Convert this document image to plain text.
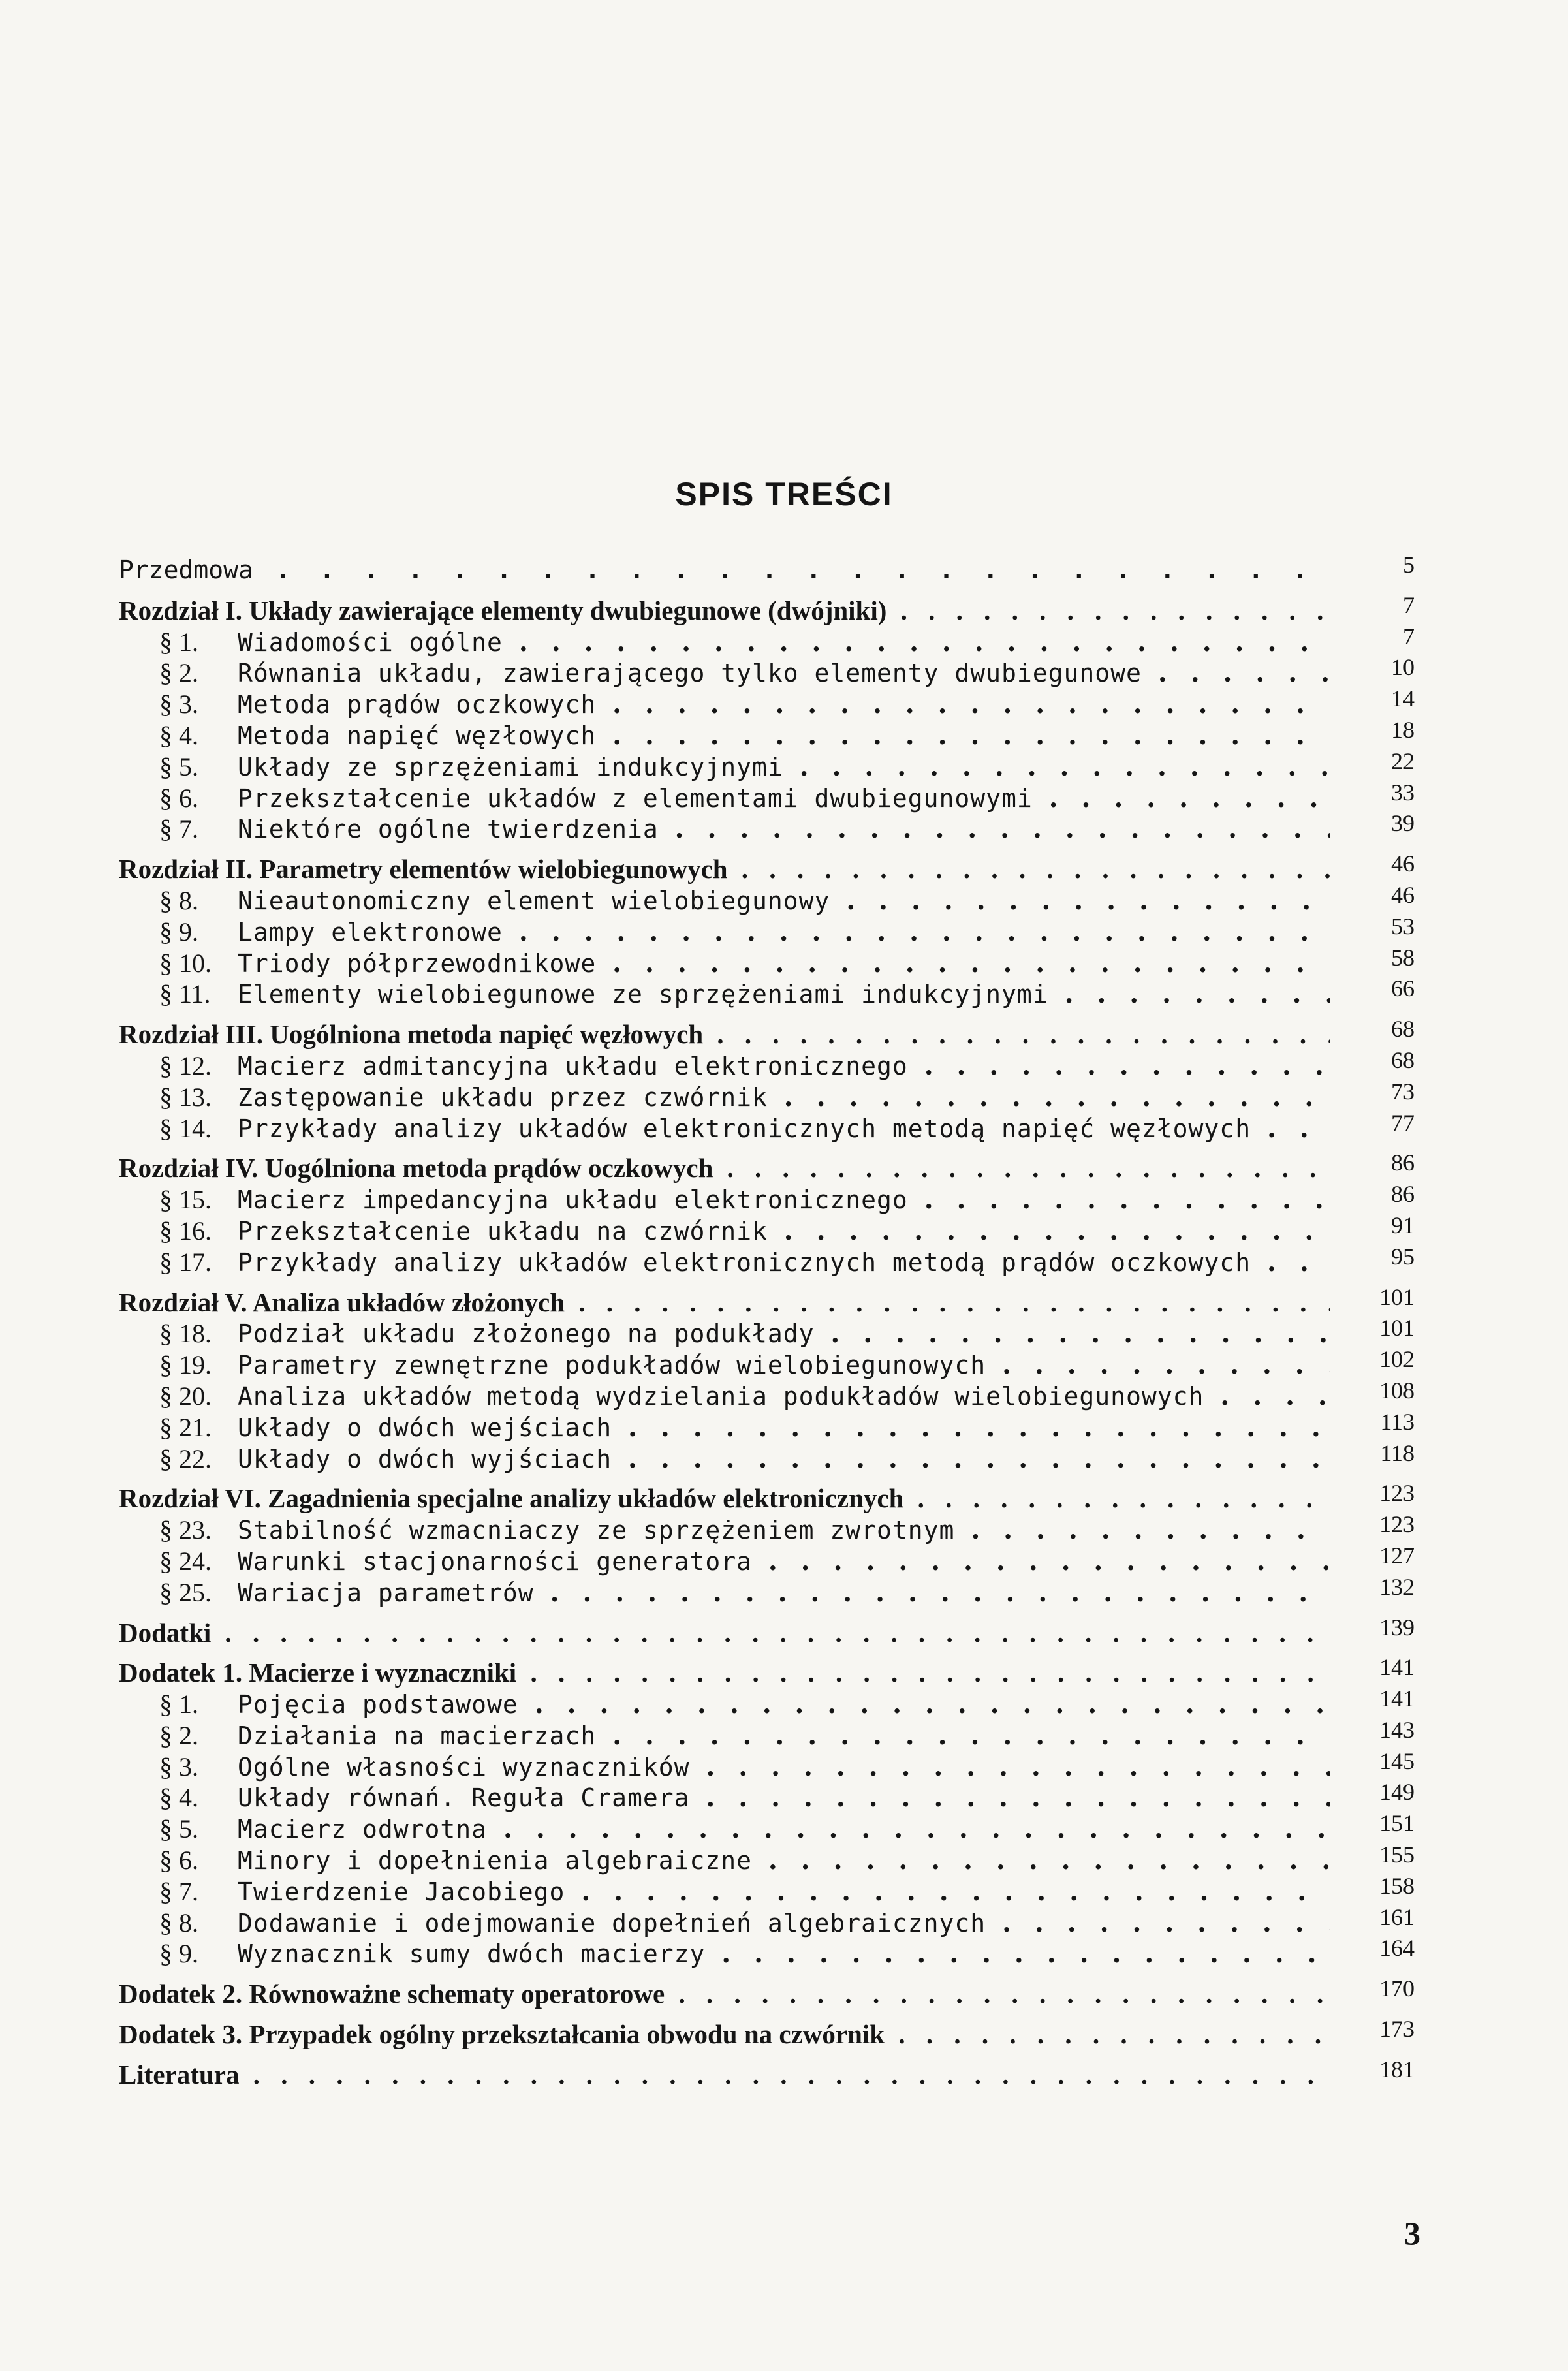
SPIS TREŚCI
Przedmowa . . .	5
Rozdział I. Układy zawierające elementy dwubiegunowe (dwójniki) . . .	7
§ 1. Wiadomości ogólne . . .	7
§ 2. Równania układu, zawierającego tylko elementy dwubiegunowe . . .	10
§ 3. Metoda prądów oczkowych . . .	14
§ 4. Metoda napięć węzłowych . . .	18
§ 5. Układy ze sprzężeniami indukcyjnymi . . .	22
§ 6. Przekształcenie układów z elementami dwubiegunowymi . . .	33
§ 7. Niektóre ogólne twierdzenia . . .	39
Rozdział II. Parametry elementów wielobiegunowych . . .	46
§ 8. Nieautonomiczny element wielobiegunowy . . .	46
§ 9. Lampy elektronowe . . .	53
§ 10. Triody półprzewodnikowe . . .	58
§ 11. Elementy wielobiegunowe ze sprzężeniami indukcyjnymi . . .	66
Rozdział III. Uogólniona metoda napięć węzłowych . . .	68
§ 12. Macierz admitancyjna układu elektronicznego . . .	68
§ 13. Zastępowanie układu przez czwórnik . . .	73
§ 14. Przykłady analizy układów elektronicznych metodą napięć węzłowych . . .	77
Rozdział IV. Uogólniona metoda prądów oczkowych . . .	86
§ 15. Macierz impedancyjna układu elektronicznego . . .	86
§ 16. Przekształcenie układu na czwórnik . . .	91
§ 17. Przykłady analizy układów elektronicznych metodą prądów oczkowych . . .	95
Rozdział V. Analiza układów złożonych . . .	101
§ 18. Podział układu złożonego na podukłady . . .	101
§ 19. Parametry zewnętrzne podukładów wielobiegunowych . . .	102
§ 20. Analiza układów metodą wydzielania podukładów wielobiegunowych . . .	108
§ 21. Układy o dwóch wejściach . . .	113
§ 22. Układy o dwóch wyjściach . . .	118
Rozdział VI. Zagadnienia specjalne analizy układów elektronicznych . . .	123
§ 23. Stabilność wzmacniaczy ze sprzężeniem zwrotnym . . .	123
§ 24. Warunki stacjonarności generatora . . .	127
§ 25. Wariacja parametrów . . .	132
Dodatki . . .	139
Dodatek 1. Macierze i wyznaczniki . . .	141
§ 1. Pojęcia podstawowe . . .	141
§ 2. Działania na macierzach . . .	143
§ 3. Ogólne własności wyznaczników . . .	145
§ 4. Układy równań. Reguła Cramera . . .	149
§ 5. Macierz odwrotna . . .	151
§ 6. Minory i dopełnienia algebraiczne . . .	155
§ 7. Twierdzenie Jacobiego . . .	158
§ 8. Dodawanie i odejmowanie dopełnień algebraicznych . . .	161
§ 9. Wyznacznik sumy dwóch macierzy . . .	164
Dodatek 2. Równoważne schematy operatorowe . . .	170
Dodatek 3. Przypadek ogólny przekształcania obwodu na czwórnik . . .	173
Literatura . . .	181
3
